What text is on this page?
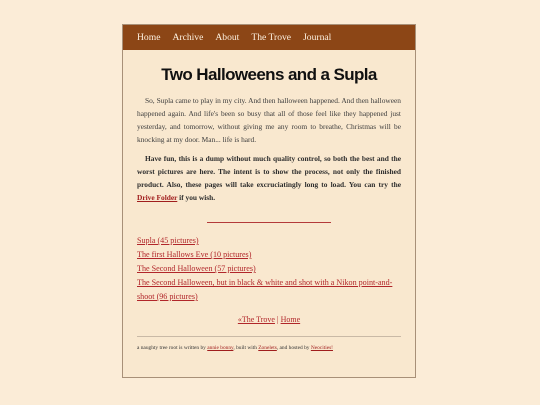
Home Archive About The Trove Journal
Two Halloweens and a Supla

So, Supla came to play in my city. And then halloween happened. And then halloween happened again. And life's been so busy that all of those feel like they happened just yesterday, and tomorrow, without giving me any room to breathe, Christmas will be knocking at my door. Man... life is hard.

Have fun, this is a dump without much quality control, so both the best and the worst pictures are here. The intent is to show the process, not only the finished product. Also, these pages will take excruciatingly long to load. You can try the Drive Folder if you wish.

Supla (45 pictures)
The first Hallows Eve (10 pictures)
The Second Halloween (57 pictures)
The Second Halloween, but in black & white and shot with a Nikon point-and-shoot (96 pictures)
«The Trove | Home
a naughty tree root is written by annie bonny, built with Zonelets, and hosted by Neocities!
